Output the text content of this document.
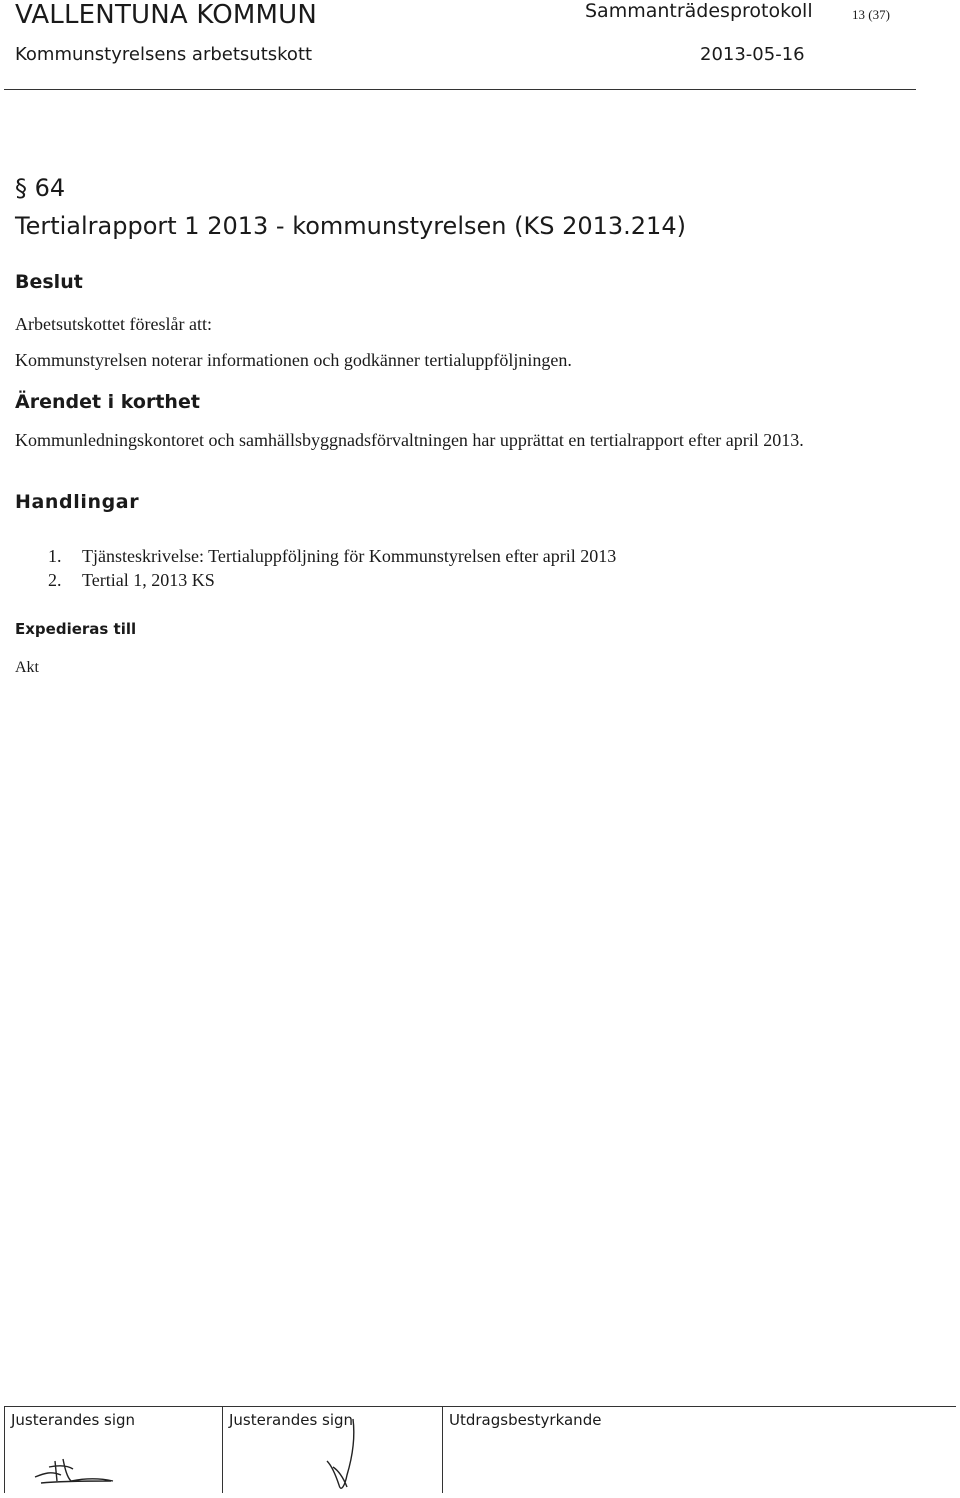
VALLENTUNA KOMMUN
Kommunstyrelsens arbetsutskott
Sammanträdesprotokoll	13 (37)
2013-05-16
§ 64
Tertialrapport 1 2013 - kommunstyrelsen (KS 2013.214)
Beslut
Arbetsutskottet föreslår att:
Kommunstyrelsen noterar informationen och godkänner tertialuppföljningen.
Ärendet i korthet
Kommunledningskontoret och samhällsbyggnadsförvaltningen har upprättat en tertialrapport efter april 2013.
Handlingar
1.	Tjänsteskrivelse: Tertialuppföljning för Kommunstyrelsen efter april 2013
2.	Tertial 1, 2013 KS
Expedieras till
Akt
Justerandes sign	Justerandes sign	Utdragsbestyrkande
